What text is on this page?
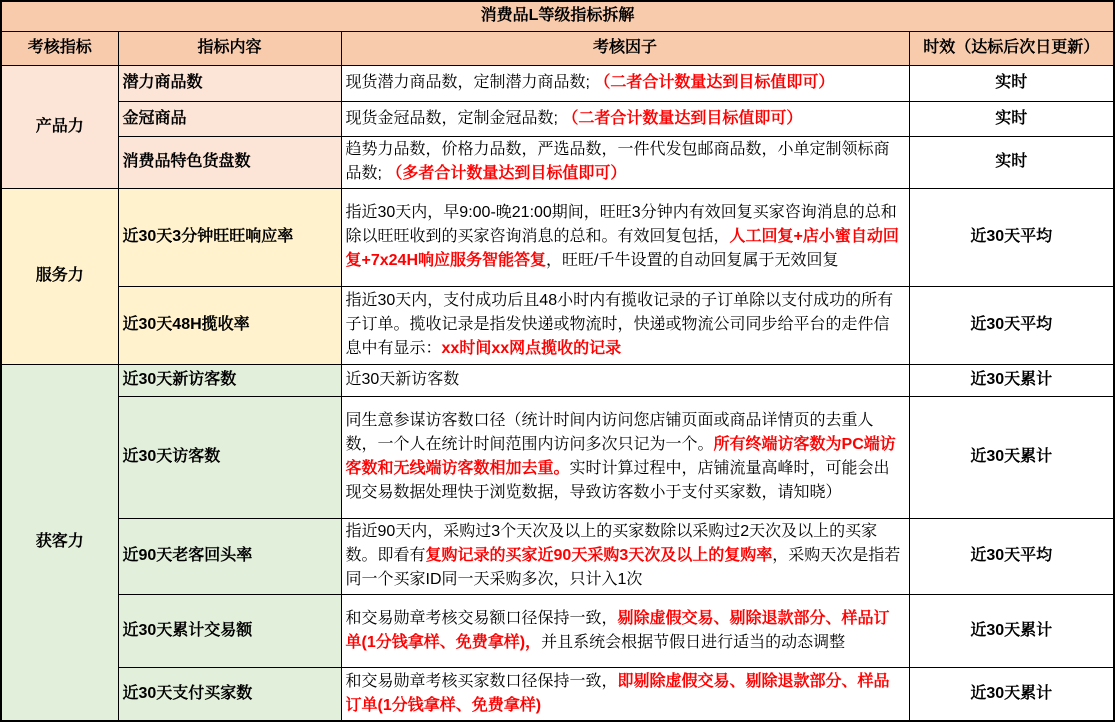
消费品L等级指标拆解			
考核指标	指标内容	考核因子	时效（达标后次日更新）
产品力	潜力商品数	现货潜力商品数，定制潜力商品数; （二者合计数量达到目标值即可）	实时
	金冠商品	现货金冠品数，定制金冠品数; （二者合计数量达到目标值即可）	实时
	消费品特色货盘数	趋势力品数，价格力品数，严选品数，一件代发包邮商品数，小单定制领标商品数; （多者合计数量达到目标值即可）	实时
服务力	近30天3分钟旺旺响应率	指近30天内，早9:00-晚21:00期间，旺旺3分钟内有效回复买家咨询消息的总和除以旺旺收到的买家咨询消息的总和。有效回复包括，人工回复+店小蜜自动回复+7x24H响应服务智能答复，旺旺/千牛设置的自动回复属于无效回复	近30天平均
	近30天48H揽收率	指近30天内，支付成功后且48小时内有揽收记录的子订单除以支付成功的所有子订单。揽收记录是指发快递或物流时，快递或物流公司同步给平台的走件信息中有显示：xx时间xx网点揽收的记录	近30天平均
获客力	近30天新访客数	近30天新访客数	近30天累计
	近30天访客数	同生意参谋访客数口径（统计时间内访问您店铺页面或商品详情页的去重人数，一个人在统计时间范围内访问多次只记为一个。所有终端访客数为PC端访客数和无线端访客数相加去重。实时计算过程中，店铺流量高峰时，可能会出现交易数据处理快于浏览数据，导致访客数小于支付买家数，请知晓）	近30天累计
	近90天老客回头率	指近90天内，采购过3个天次及以上的买家数除以采购过2天次及以上的买家数。即看有复购记录的买家近90天采购3天次及以上的复购率，采购天次是指若同一个买家ID同一天采购多次，只计入1次	近30天平均
	近30天累计交易额	和交易勋章考核交易额口径保持一致，剔除虚假交易、剔除退款部分、样品订单(1分钱拿样、免费拿样)，并且系统会根据节假日进行适当的动态调整	近30天累计
	近30天支付买家数	和交易勋章考核买家数口径保持一致，即剔除虚假交易、剔除退款部分、样品订单(1分钱拿样、免费拿样)	近30天累计
